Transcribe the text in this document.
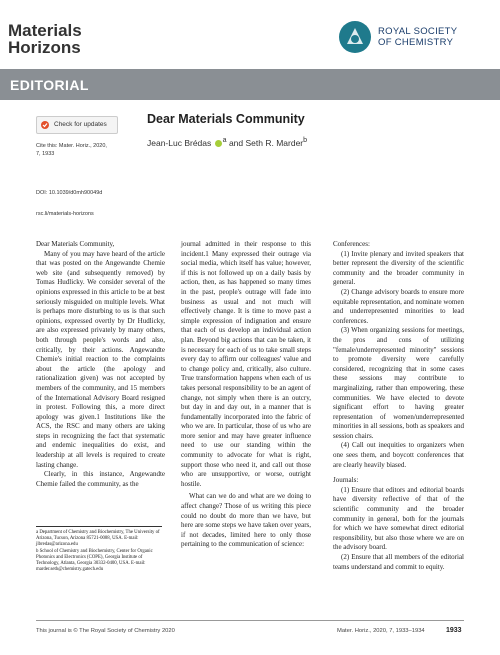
Materials
Horizons
ROYAL SOCIETY
OF CHEMISTRY
EDITORIAL
Check for updates
Cite this: Mater. Horiz., 2020,
7, 1933
DOI: 10.1039/d0mh90049d
rsc.li/materials-horizons
Dear Materials Community
Jean-Luc Brédas $^a$ and Seth R. Marder$^b$

Dear Materials Community,

Many of you may have heard of the article that was posted on the Angewandte Chemie web site (and subsequently removed) by Tomas Hudlicky. We consider several of the opinions expressed in this article to be at best seriously misguided on multiple levels. What is perhaps more disturbing to us is that such opinions, expressed overtly by Dr Hudlicky, are also expressed privately by many others, both through people's words and also, critically, by their actions. Angewandte Chemie's initial reaction to the complaints about the article (the apology and rationalization given) was not accepted by members of the community, and 15 members of the International Advisory Board resigned in protest. Following this, a more direct apology was given.1 Institutions like the ACS, the RSC and many others are taking steps in recognizing the fact that systematic and endemic inequalities do exist, and leadership at all levels is required to create lasting change.

Clearly, in this instance, Angewandte Chemie failed the community, as the

a Department of Chemistry and Biochemistry, The University of Arizona, Tucson, Arizona 85721-0088, USA. E-mail: jlbredas@arizona.edu
b School of Chemistry and Biochemistry, Center for Organic Photonics and Electronics (COPE), Georgia Institute of Technology, Atlanta, Georgia 30332-0400, USA. E-mail: marder.seth@chemistry.gatech.edu

journal admitted in their response to this incident.1 Many expressed their outrage via social media, which itself has value; however, if this is not followed up on a daily basis by action, then, as has happened so many times in the past, people's outrage will fade into business as usual and not much will effectively change. It is time to move past a simple expression of indignation and ensure that each of us develop an individual action plan. Beyond big actions that can be taken, it is necessary for each of us to take small steps every day to affirm our colleagues' value and to change policy and, critically, also culture. True transformation happens when each of us takes personal responsibility to be an agent of change, not simply when there is an outcry, but day in and day out, in a manner that is fundamentally incorporated into the fabric of who we are. In particular, those of us who are more senior and may have greater influence need to use our standing within the community to advocate for what is right, support those who need it, and call out those who are unsupportive, or worse, outright hostile.

What can we do and what are we doing to affect change? Those of us writing this piece could no doubt do more than we have, but here are some steps we have taken over years, if not decades, limited here to only those pertaining to the communication of science:

Conferences:

(1) Invite plenary and invited speakers that better represent the diversity of the scientific community and the broader community in general.

(2) Change advisory boards to ensure more equitable representation, and nominate women and underrepresented minorities to lead conferences.

(3) When organizing sessions for meetings, the pros and cons of utilizing "female/underrepresented minority" sessions to promote diversity were carefully considered, recognizing that in some cases these sessions may contribute to marginalizing, rather than empowering, these communities. We have elected to devote significant effort to having greater representation of women/underrepresented minorities in all sessions, both as speakers and session chairs.

(4) Call out inequities to organizers when one sees them, and boycott conferences that are clearly heavily biased.

Journals:

(1) Ensure that editors and editorial boards have diversity reflective of that of the scientific community and the broader community in general, both for the journals for which we have somewhat direct editorial responsibility, but also those where we are on the advisory board.

(2) Ensure that all members of the editorial teams understand and commit to equity.

This journal is © The Royal Society of Chemistry 2020	Mater. Horiz., 2020, 7, 1933–1934	1933
